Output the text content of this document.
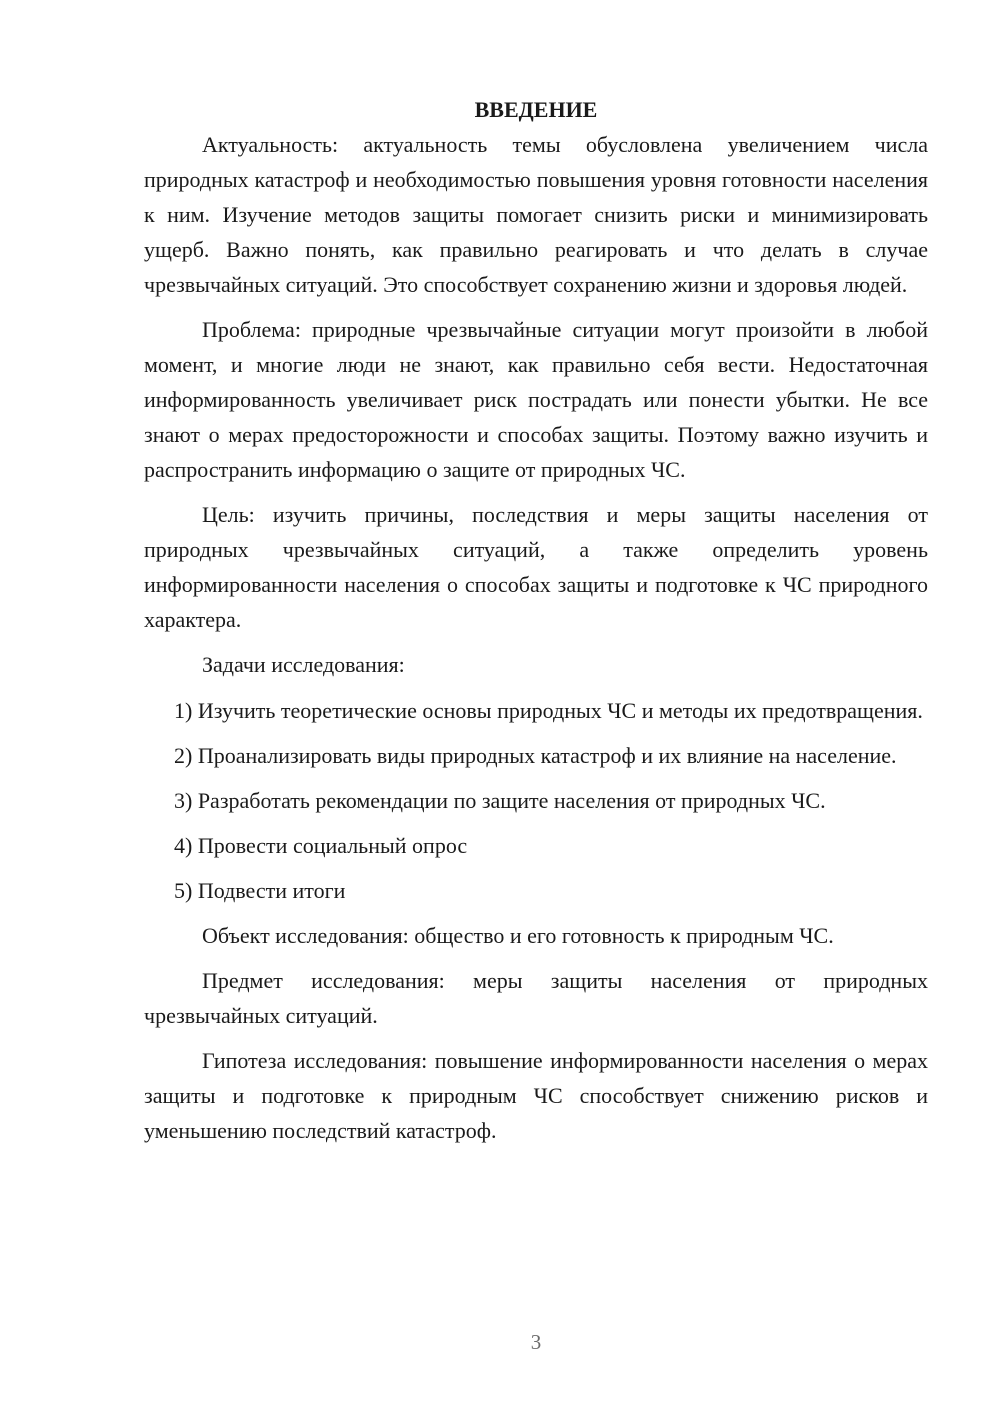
ВВЕДЕНИЕ

Актуальность: актуальность темы обусловлена увеличением числа природных катастроф и необходимостью повышения уровня готовности населения к ним. Изучение методов защиты помогает снизить риски и минимизировать ущерб. Важно понять, как правильно реагировать и что делать в случае чрезвычайных ситуаций. Это способствует сохранению жизни и здоровья людей.

Проблема: природные чрезвычайные ситуации могут произойти в любой момент, и многие люди не знают, как правильно себя вести. Недостаточная информированность увеличивает риск пострадать или понести убытки. Не все знают о мерах предосторожности и способах защиты. Поэтому важно изучить и распространить информацию о защите от природных ЧС.

Цель: изучить причины, последствия и меры защиты населения от природных чрезвычайных ситуаций, а также определить уровень информированности населения о способах защиты и подготовке к ЧС природного характера.

Задачи исследования:

1) Изучить теоретические основы природных ЧС и методы их предотвращения.

2) Проанализировать виды природных катастроф и их влияние на население.

3) Разработать рекомендации по защите населения от природных ЧС.

4) Провести социальный опрос

5) Подвести итоги

Объект исследования: общество и его готовность к природным ЧС.

Предмет исследования: меры защиты населения от природных чрезвычайных ситуаций.

Гипотеза исследования: повышение информированности населения о мерах защиты и подготовке к природным ЧС способствует снижению рисков и уменьшению последствий катастроф.

3
